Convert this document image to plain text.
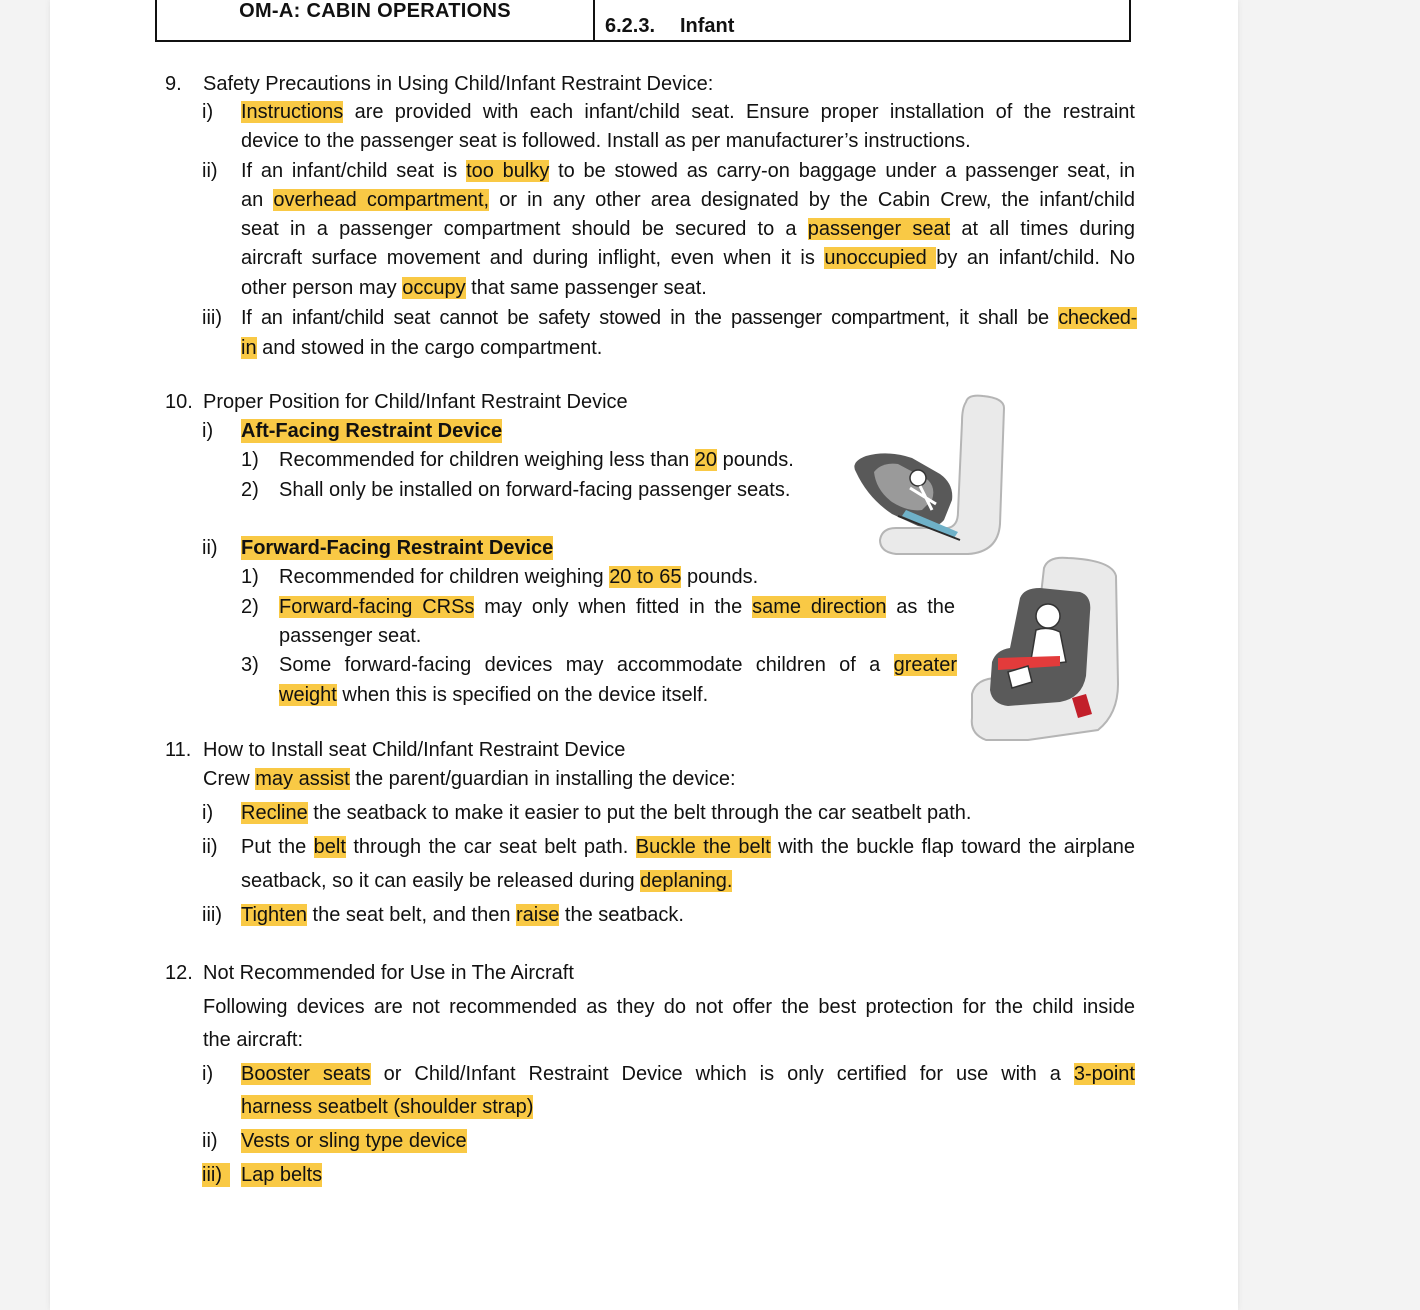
OM-A: CABIN OPERATIONS
6.2.3. Infant
9. Safety Precautions in Using Child/Infant Restraint Device:
i) Instructions are provided with each infant/child seat. Ensure proper installation of the restraint
device to the passenger seat is followed. Install as per manufacturer’s instructions.
ii) If an infant/child seat is too bulky to be stowed as carry-on baggage under a passenger seat, in
an overhead compartment, or in any other area designated by the Cabin Crew, the infant/child
seat in a passenger compartment should be secured to a passenger seat at all times during
aircraft surface movement and during inflight, even when it is unoccupied by an infant/child. No
other person may occupy that same passenger seat.
iii) If an infant/child seat cannot be safety stowed in the passenger compartment, it shall be checked-
in and stowed in the cargo compartment.
10. Proper Position for Child/Infant Restraint Device
i) Aft-Facing Restraint Device
1) Recommended for children weighing less than 20 pounds.
2) Shall only be installed on forward-facing passenger seats.
ii) Forward-Facing Restraint Device
1) Recommended for children weighing 20 to 65 pounds.
2) Forward-facing CRSs may only when fitted in the same direction as the
passenger seat.
3) Some forward-facing devices may accommodate children of a greater
weight when this is specified on the device itself.
11. How to Install seat Child/Infant Restraint Device
Crew may assist the parent/guardian in installing the device:
i) Recline the seatback to make it easier to put the belt through the car seatbelt path.
ii) Put the belt through the car seat belt path. Buckle the belt with the buckle flap toward the airplane
seatback, so it can easily be released during deplaning.
iii) Tighten the seat belt, and then raise the seatback.
12. Not Recommended for Use in The Aircraft
Following devices are not recommended as they do not offer the best protection for the child inside
the aircraft:
i) Booster seats or Child/Infant Restraint Device which is only certified for use with a 3-point
harness seatbelt (shoulder strap)
ii) Vests or sling type device
iii) Lap belts
